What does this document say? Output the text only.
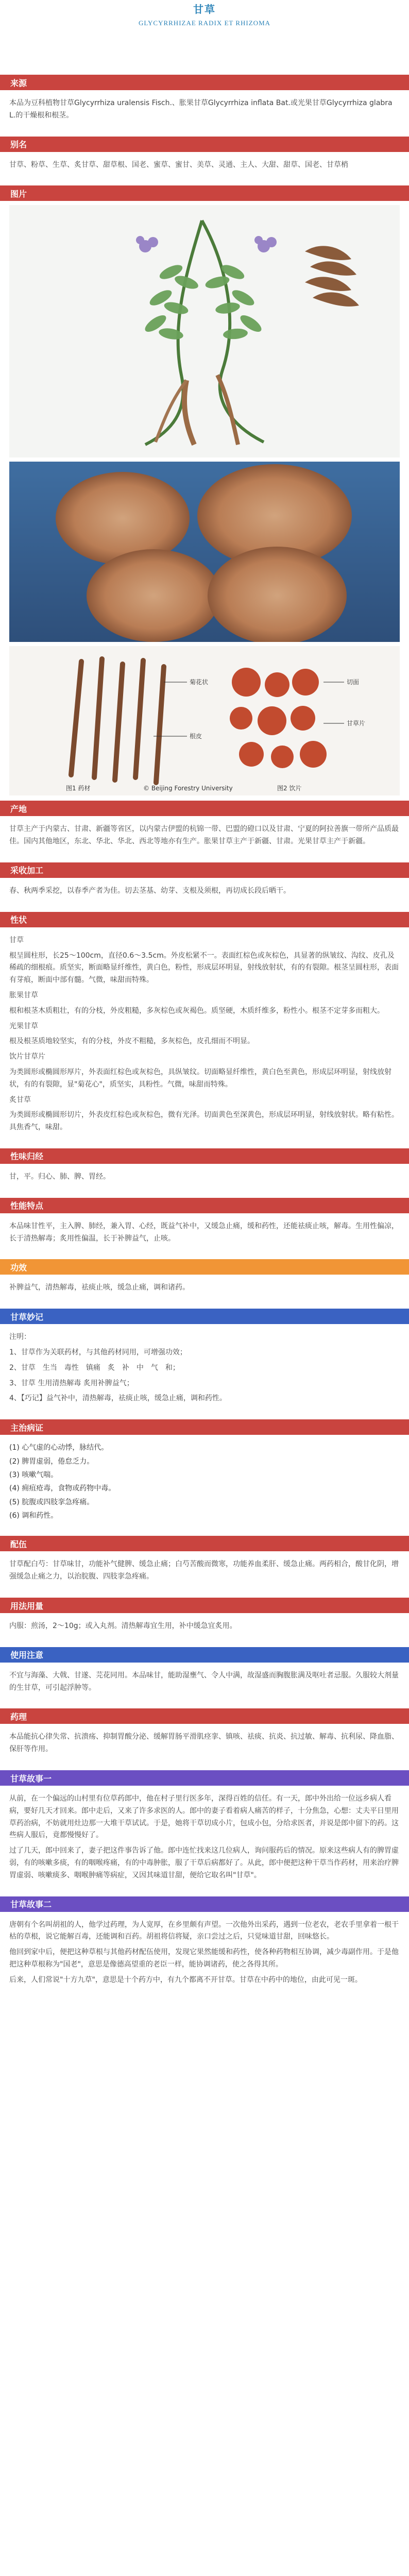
甘草
GLYCYRRHIZAE RADIX ET RHIZOMA
来源

本品为豆科植物甘草Glycyrrhiza uralensis Fisch.、胀果甘草Glycyrrhiza inflata Bat.或光果甘草Glycyrrhiza glabra L.的干燥根和根茎。

别名

甘草、粉草、生草、炙甘草、甜草根、国老、蜜草、蜜甘、美草、灵通、主人、大甜、甜草、国老、甘草梢

图片
菊花状
根皮
切面
甘草片
图1 药材	图2 饮片
© Beijing Forestry University
产地

甘草主产于内蒙古、甘肃、新疆等省区，以内蒙古伊盟的杭锦一带、巴盟的磴口以及甘肃、宁夏的阿拉善旗一带所产品质最佳。国内其他地区，东北、华北、华北、西北等地亦有生产。胀果甘草主产于新疆、甘肃。光果甘草主产于新疆。

采收加工

春、秋两季采挖，以春季产者为佳。切去茎基、幼芽、支根及须根，再切成长段后晒干。

性状

甘草

根呈圆柱形，长25～100cm，直径0.6～3.5cm。外皮松紧不一。表面红棕色或灰棕色，具显著的纵皱纹、沟纹、皮孔及稀疏的细根痕。质坚实，断面略显纤维性，黄白色，粉性，形成层环明显，射线放射状，有的有裂隙。根茎呈圆柱形，表面有芽痕，断面中部有髓。气微，味甜而特殊。

胀果甘草

根和根茎木质粗壮，有的分枝，外皮粗糙，多灰棕色或灰褐色。质坚硬，木质纤维多，粉性小。根茎不定芽多而粗大。

光果甘草

根及根茎质地较坚实，有的分枝，外皮不粗糙，多灰棕色，皮孔细而不明显。

饮片甘草片

为类圆形或椭圆形厚片，外表面红棕色或灰棕色，具纵皱纹。切面略显纤维性，黄白色至黄色，形成层环明显，射线放射状，有的有裂隙，显"菊花心"，质坚实，具粉性。气微，味甜而特殊。

炙甘草

为类圆形或椭圆形切片，外表皮红棕色或灰棕色，微有光泽。切面黄色至深黄色，形成层环明显，射线放射状。略有粘性。具焦香气，味甜。

性味归经

甘，平。归心、肺、脾、胃经。

性能特点

本品味甘性平，主入脾、肺经，兼入胃、心经，既益气补中，又缓急止痛，缓和药性，还能祛痰止咳，解毒。生用性偏凉，长于清热解毒；炙用性偏温，长于补脾益气，止咳。

功效

补脾益气，清热解毒，祛痰止咳，缓急止痛，调和诸药。

甘草妙记

注明：

1、甘草作为关联药材，与其他药材同用，可增强功效；

2、甘草　生当　毒性　镇痛　炙　补　中　气　和；

3、甘草 生用清热解毒 炙用补脾益气；

4、【巧记】益气补中，清热解毒，祛痰止咳，缓急止痛，调和药性。

主治病证
(1) 心气虚的心动悸，脉结代。
(2) 脾胃虚弱，倦怠乏力。
(3) 咳嗽气喘。
(4) 痈疽疮毒，食物或药物中毒。
(5) 脘腹或四肢挛急疼痛。
(6) 调和药性。
配伍

甘草配白芍：甘草味甘，功能补气健脾、缓急止痛；白芍苦酸而微寒，功能养血柔肝、缓急止痛。两药相合，酸甘化阴，增强缓急止痛之力，以治脘腹、四肢挛急疼痛。

用法用量

内服：煎汤，2～10g；或入丸剂。清热解毒宜生用，补中缓急宜炙用。

使用注意

不宜与海藻、大戟、甘遂、芫花同用。本品味甘，能助湿壅气、令人中满，故湿盛而胸腹胀满及呕吐者忌服。久服较大剂量的生甘草，可引起浮肿等。

药理

本品能抗心律失常、抗溃疡、抑制胃酸分泌、缓解胃肠平滑肌痉挛、镇咳、祛痰、抗炎、抗过敏、解毒、抗利尿、降血脂、保肝等作用。

甘草故事一

从前，在一个偏远的山村里有位草药郎中，他在村子里行医多年，深得百姓的信任。有一天，郎中外出给一位远乡病人看病，要好几天才回来。郎中走后，又来了许多求医的人。郎中的妻子看着病人痛苦的样子，十分焦急，心想：丈夫平日里用草药治病，不妨就用灶边那一大堆干草试试。于是，她将干草切成小片，包成小包，分给求医者，并说是郎中留下的药。这些病人服后，竟都慢慢好了。

过了几天，郎中回来了，妻子把这件事告诉了他。郎中连忙找来这几位病人，询问服药后的情况。原来这些病人有的脾胃虚弱，有的咳嗽多痰，有的咽喉疼痛，有的中毒肿胀，服了干草后病都好了。从此，郎中便把这种干草当作药材，用来治疗脾胃虚弱、咳嗽痰多、咽喉肿痛等病症，又因其味道甘甜，便给它取名叫"甘草"。

甘草故事二

唐朝有个名叫胡祖的人，他学过药理，为人宽厚，在乡里颇有声望。一次他外出采药，遇到一位老农，老农手里拿着一根干枯的草根，说它能解百毒，还能调和百药。胡祖将信将疑，亲口尝过之后，只觉味道甘甜，回味悠长。

他回到家中后，便把这种草根与其他药材配伍使用，发现它果然能缓和药性，使各种药物相互协调，减少毒副作用。于是他把这种草根称为"国老"，意思是像德高望重的老臣一样，能协调诸药，使之各得其所。

后来，人们常说"十方九草"，意思是十个药方中，有九个都离不开甘草。甘草在中药中的地位，由此可见一斑。
